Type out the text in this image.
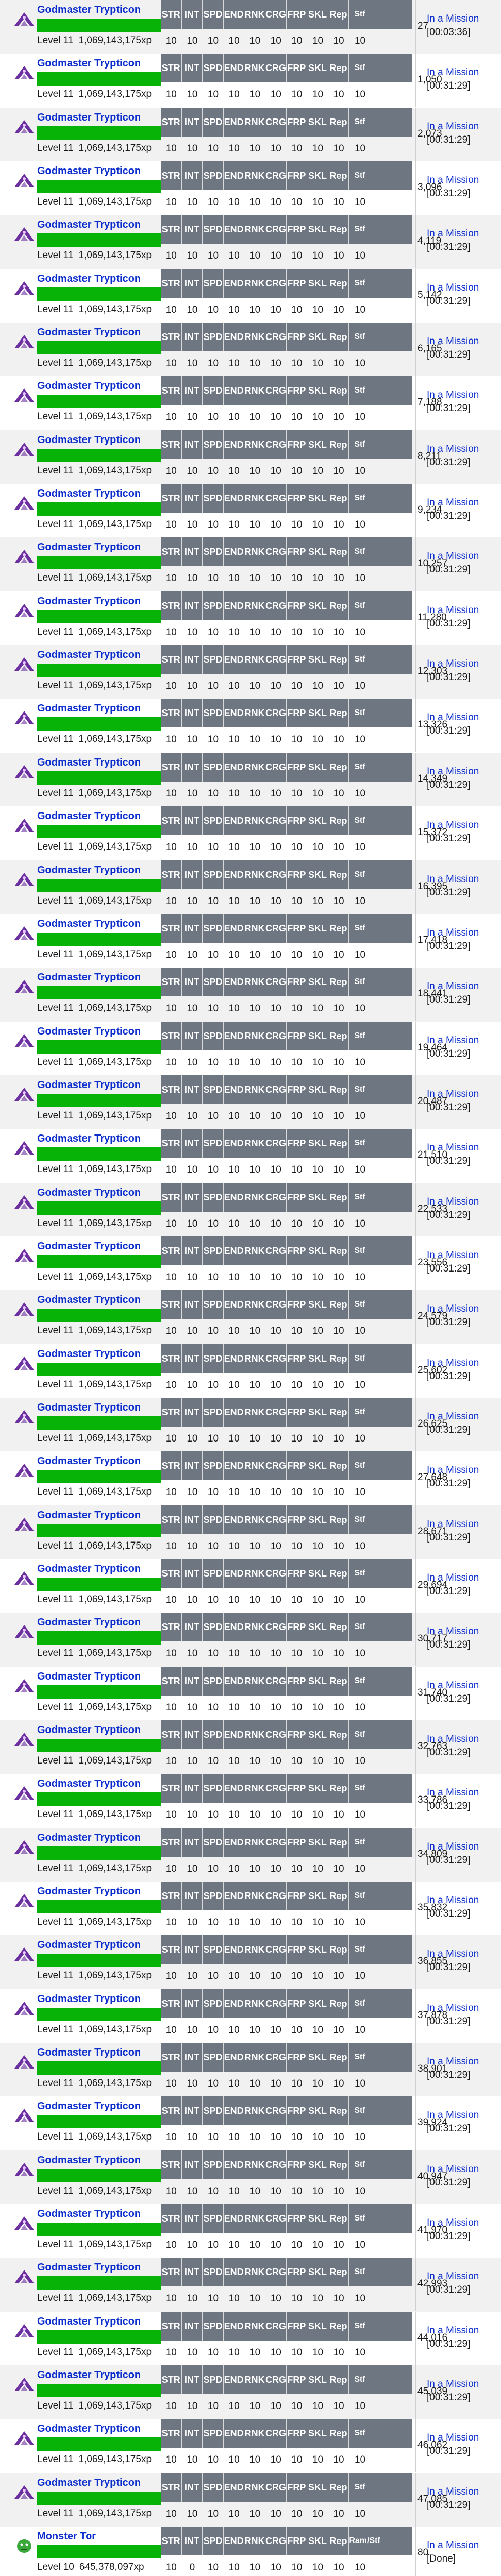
Godmaster Trypticon
Level 11 1,069,143,175xp
STR INT SPD END RNK CRG FRP SKL Rep Stf
10	10	10	10	10	10	10	10	10	10
27
In a Mission
[00:03:36]
Godmaster Trypticon
Level 11 1,069,143,175xp
STR INT SPD END RNK CRG FRP SKL Rep Stf
10	10	10	10	10	10	10	10	10	10
1,050
In a Mission
[00:31:29]
Godmaster Trypticon
Level 11 1,069,143,175xp
STR INT SPD END RNK CRG FRP SKL Rep Stf
10	10	10	10	10	10	10	10	10	10
2,073
In a Mission
[00:31:29]
Godmaster Trypticon
Level 11 1,069,143,175xp
STR INT SPD END RNK CRG FRP SKL Rep Stf
10	10	10	10	10	10	10	10	10	10
3,096
In a Mission
[00:31:29]
Godmaster Trypticon
Level 11 1,069,143,175xp
STR INT SPD END RNK CRG FRP SKL Rep Stf
10	10	10	10	10	10	10	10	10	10
4,119
In a Mission
[00:31:29]
Godmaster Trypticon
Level 11 1,069,143,175xp
STR INT SPD END RNK CRG FRP SKL Rep Stf
10	10	10	10	10	10	10	10	10	10
5,142
In a Mission
[00:31:29]
Godmaster Trypticon
Level 11 1,069,143,175xp
STR INT SPD END RNK CRG FRP SKL Rep Stf
10	10	10	10	10	10	10	10	10	10
6,165
In a Mission
[00:31:29]
Godmaster Trypticon
Level 11 1,069,143,175xp
STR INT SPD END RNK CRG FRP SKL Rep Stf
10	10	10	10	10	10	10	10	10	10
7,188
In a Mission
[00:31:29]
Godmaster Trypticon
Level 11 1,069,143,175xp
STR INT SPD END RNK CRG FRP SKL Rep Stf
10	10	10	10	10	10	10	10	10	10
8,211
In a Mission
[00:31:29]
Godmaster Trypticon
Level 11 1,069,143,175xp
STR INT SPD END RNK CRG FRP SKL Rep Stf
10	10	10	10	10	10	10	10	10	10
9,234
In a Mission
[00:31:29]
Godmaster Trypticon
Level 11 1,069,143,175xp
STR INT SPD END RNK CRG FRP SKL Rep Stf
10	10	10	10	10	10	10	10	10	10
10,257
In a Mission
[00:31:29]
Godmaster Trypticon
Level 11 1,069,143,175xp
STR INT SPD END RNK CRG FRP SKL Rep Stf
10	10	10	10	10	10	10	10	10	10
11,280
In a Mission
[00:31:29]
Godmaster Trypticon
Level 11 1,069,143,175xp
STR INT SPD END RNK CRG FRP SKL Rep Stf
10	10	10	10	10	10	10	10	10	10
12,303
In a Mission
[00:31:29]
Godmaster Trypticon
Level 11 1,069,143,175xp
STR INT SPD END RNK CRG FRP SKL Rep Stf
10	10	10	10	10	10	10	10	10	10
13,326
In a Mission
[00:31:29]
Godmaster Trypticon
Level 11 1,069,143,175xp
STR INT SPD END RNK CRG FRP SKL Rep Stf
10	10	10	10	10	10	10	10	10	10
14,349
In a Mission
[00:31:29]
Godmaster Trypticon
Level 11 1,069,143,175xp
STR INT SPD END RNK CRG FRP SKL Rep Stf
10	10	10	10	10	10	10	10	10	10
15,372
In a Mission
[00:31:29]
Godmaster Trypticon
Level 11 1,069,143,175xp
STR INT SPD END RNK CRG FRP SKL Rep Stf
10	10	10	10	10	10	10	10	10	10
16,395
In a Mission
[00:31:29]
Godmaster Trypticon
Level 11 1,069,143,175xp
STR INT SPD END RNK CRG FRP SKL Rep Stf
10	10	10	10	10	10	10	10	10	10
17,418
In a Mission
[00:31:29]
Godmaster Trypticon
Level 11 1,069,143,175xp
STR INT SPD END RNK CRG FRP SKL Rep Stf
10	10	10	10	10	10	10	10	10	10
18,441
In a Mission
[00:31:29]
Godmaster Trypticon
Level 11 1,069,143,175xp
STR INT SPD END RNK CRG FRP SKL Rep Stf
10	10	10	10	10	10	10	10	10	10
19,464
In a Mission
[00:31:29]
Godmaster Trypticon
Level 11 1,069,143,175xp
STR INT SPD END RNK CRG FRP SKL Rep Stf
10	10	10	10	10	10	10	10	10	10
20,487
In a Mission
[00:31:29]
Godmaster Trypticon
Level 11 1,069,143,175xp
STR INT SPD END RNK CRG FRP SKL Rep Stf
10	10	10	10	10	10	10	10	10	10
21,510
In a Mission
[00:31:29]
Godmaster Trypticon
Level 11 1,069,143,175xp
STR INT SPD END RNK CRG FRP SKL Rep Stf
10	10	10	10	10	10	10	10	10	10
22,533
In a Mission
[00:31:29]
Godmaster Trypticon
Level 11 1,069,143,175xp
STR INT SPD END RNK CRG FRP SKL Rep Stf
10	10	10	10	10	10	10	10	10	10
23,556
In a Mission
[00:31:29]
Godmaster Trypticon
Level 11 1,069,143,175xp
STR INT SPD END RNK CRG FRP SKL Rep Stf
10	10	10	10	10	10	10	10	10	10
24,579
In a Mission
[00:31:29]
Godmaster Trypticon
Level 11 1,069,143,175xp
STR INT SPD END RNK CRG FRP SKL Rep Stf
10	10	10	10	10	10	10	10	10	10
25,602
In a Mission
[00:31:29]
Godmaster Trypticon
Level 11 1,069,143,175xp
STR INT SPD END RNK CRG FRP SKL Rep Stf
10	10	10	10	10	10	10	10	10	10
26,625
In a Mission
[00:31:29]
Godmaster Trypticon
Level 11 1,069,143,175xp
STR INT SPD END RNK CRG FRP SKL Rep Stf
10	10	10	10	10	10	10	10	10	10
27,648
In a Mission
[00:31:29]
Godmaster Trypticon
Level 11 1,069,143,175xp
STR INT SPD END RNK CRG FRP SKL Rep Stf
10	10	10	10	10	10	10	10	10	10
28,671
In a Mission
[00:31:29]
Godmaster Trypticon
Level 11 1,069,143,175xp
STR INT SPD END RNK CRG FRP SKL Rep Stf
10	10	10	10	10	10	10	10	10	10
29,694
In a Mission
[00:31:29]
Godmaster Trypticon
Level 11 1,069,143,175xp
STR INT SPD END RNK CRG FRP SKL Rep Stf
10	10	10	10	10	10	10	10	10	10
30,717
In a Mission
[00:31:29]
Godmaster Trypticon
Level 11 1,069,143,175xp
STR INT SPD END RNK CRG FRP SKL Rep Stf
10	10	10	10	10	10	10	10	10	10
31,740
In a Mission
[00:31:29]
Godmaster Trypticon
Level 11 1,069,143,175xp
STR INT SPD END RNK CRG FRP SKL Rep Stf
10	10	10	10	10	10	10	10	10	10
32,763
In a Mission
[00:31:29]
Godmaster Trypticon
Level 11 1,069,143,175xp
STR INT SPD END RNK CRG FRP SKL Rep Stf
10	10	10	10	10	10	10	10	10	10
33,786
In a Mission
[00:31:29]
Godmaster Trypticon
Level 11 1,069,143,175xp
STR INT SPD END RNK CRG FRP SKL Rep Stf
10	10	10	10	10	10	10	10	10	10
34,809
In a Mission
[00:31:29]
Godmaster Trypticon
Level 11 1,069,143,175xp
STR INT SPD END RNK CRG FRP SKL Rep Stf
10	10	10	10	10	10	10	10	10	10
35,832
In a Mission
[00:31:29]
Godmaster Trypticon
Level 11 1,069,143,175xp
STR INT SPD END RNK CRG FRP SKL Rep Stf
10	10	10	10	10	10	10	10	10	10
36,855
In a Mission
[00:31:29]
Godmaster Trypticon
Level 11 1,069,143,175xp
STR INT SPD END RNK CRG FRP SKL Rep Stf
10	10	10	10	10	10	10	10	10	10
37,878
In a Mission
[00:31:29]
Godmaster Trypticon
Level 11 1,069,143,175xp
STR INT SPD END RNK CRG FRP SKL Rep Stf
10	10	10	10	10	10	10	10	10	10
38,901
In a Mission
[00:31:29]
Godmaster Trypticon
Level 11 1,069,143,175xp
STR INT SPD END RNK CRG FRP SKL Rep Stf
10	10	10	10	10	10	10	10	10	10
39,924
In a Mission
[00:31:29]
Godmaster Trypticon
Level 11 1,069,143,175xp
STR INT SPD END RNK CRG FRP SKL Rep Stf
10	10	10	10	10	10	10	10	10	10
40,947
In a Mission
[00:31:29]
Godmaster Trypticon
Level 11 1,069,143,175xp
STR INT SPD END RNK CRG FRP SKL Rep Stf
10	10	10	10	10	10	10	10	10	10
41,970
In a Mission
[00:31:29]
Godmaster Trypticon
Level 11 1,069,143,175xp
STR INT SPD END RNK CRG FRP SKL Rep Stf
10	10	10	10	10	10	10	10	10	10
42,993
In a Mission
[00:31:29]
Godmaster Trypticon
Level 11 1,069,143,175xp
STR INT SPD END RNK CRG FRP SKL Rep Stf
10	10	10	10	10	10	10	10	10	10
44,016
In a Mission
[00:31:29]
Godmaster Trypticon
Level 11 1,069,143,175xp
STR INT SPD END RNK CRG FRP SKL Rep Stf
10	10	10	10	10	10	10	10	10	10
45,039
In a Mission
[00:31:29]
Godmaster Trypticon
Level 11 1,069,143,175xp
STR INT SPD END RNK CRG FRP SKL Rep Stf
10	10	10	10	10	10	10	10	10	10
46,062
In a Mission
[00:31:29]
Godmaster Trypticon
Level 11 1,069,143,175xp
STR INT SPD END RNK CRG FRP SKL Rep Stf
10	10	10	10	10	10	10	10	10	10
47,085
In a Mission
[00:31:29]
Monster Tor
Level 10 645,378,097xp
STR INT SPD END RNK CRG FRP SKL Rep Ram/Stf
10	0	10	10	10	10	10	10	10	10
80
In a Mission
[Done]
